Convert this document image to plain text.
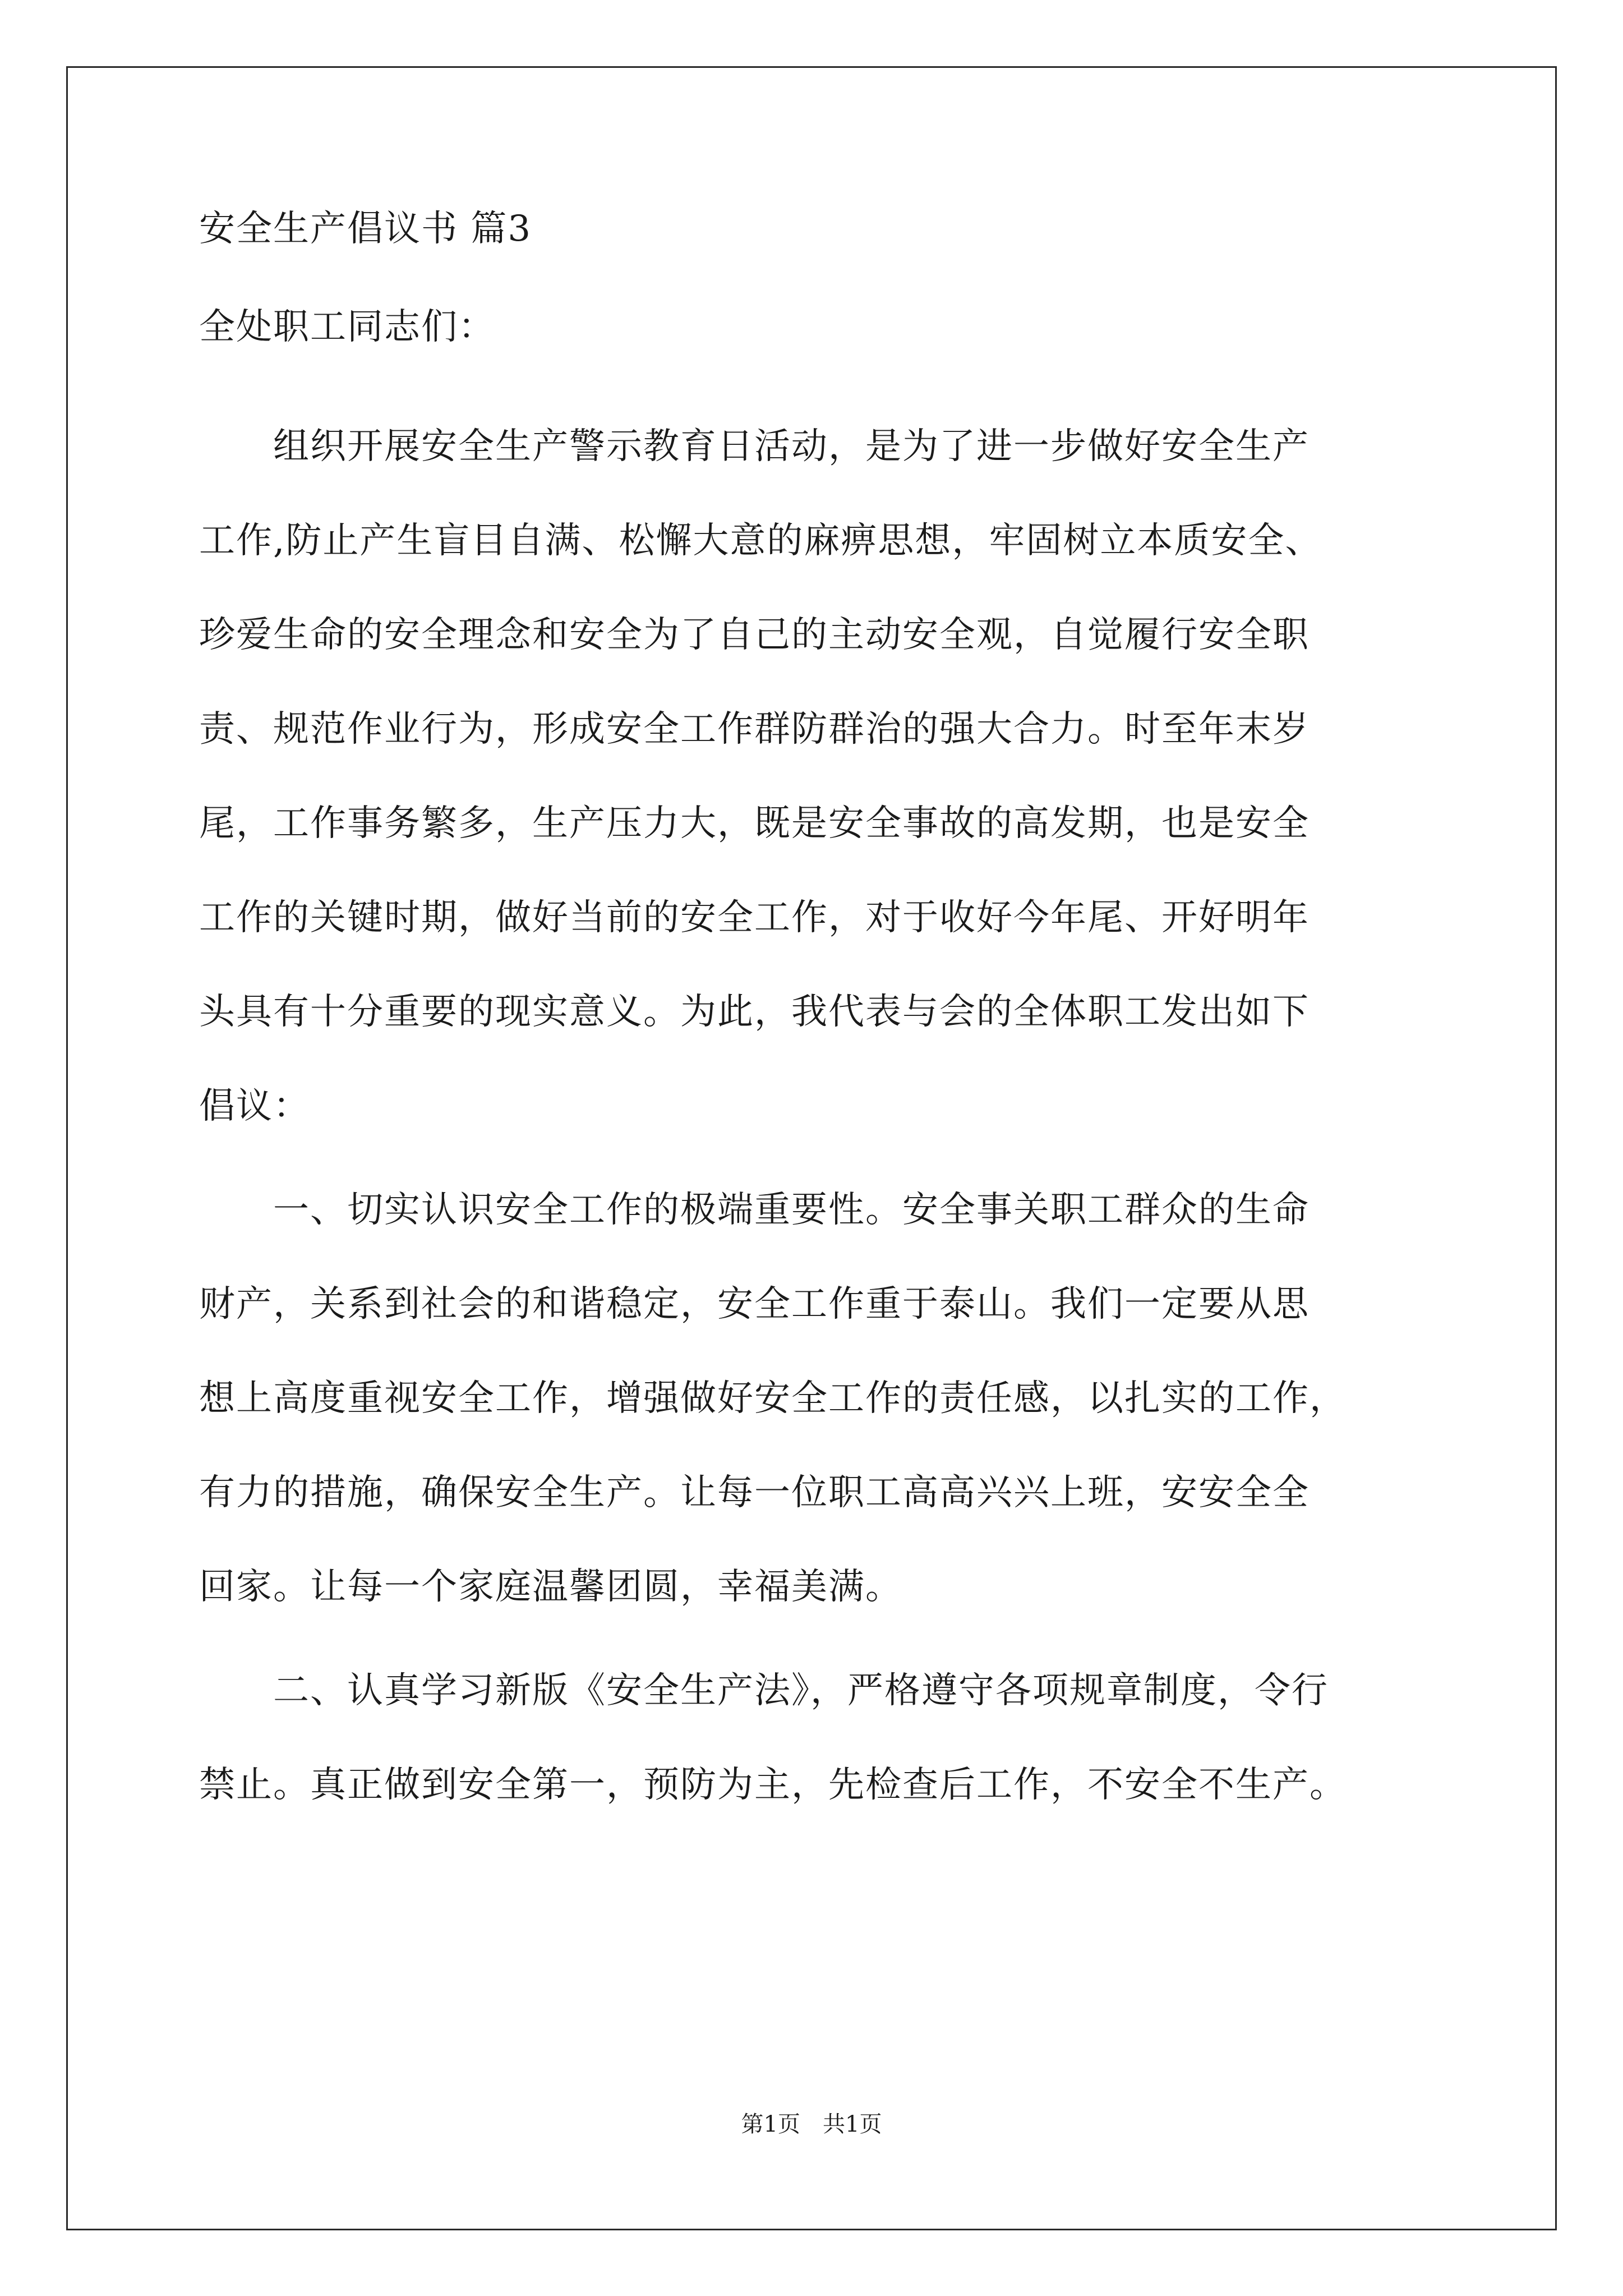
安全生产倡议书 篇3
全处职工同志们：
　　组织开展安全生产警示教育日活动，是为了进一步做好安全生产
工作,防止产生盲目自满、松懈大意的麻痹思想，牢固树立本质安全、
珍爱生命的安全理念和安全为了自己的主动安全观，自觉履行安全职
责、规范作业行为，形成安全工作群防群治的强大合力。时至年末岁
尾，工作事务繁多，生产压力大，既是安全事故的高发期，也是安全
工作的关键时期，做好当前的安全工作，对于收好今年尾、开好明年
头具有十分重要的现实意义。为此，我代表与会的全体职工发出如下
倡议：
　　一、切实认识安全工作的极端重要性。安全事关职工群众的生命
财产，关系到社会的和谐稳定，安全工作重于泰山。我们一定要从思
想上高度重视安全工作，增强做好安全工作的责任感，以扎实的工作，
有力的措施，确保安全生产。让每一位职工高高兴兴上班，安安全全
回家。让每一个家庭温馨团圆，幸福美满。
　　二、认真学习新版《安全生产法》，严格遵守各项规章制度，令行
禁止。真正做到安全第一，预防为主，先检查后工作，不安全不生产。
第1页　共1页
